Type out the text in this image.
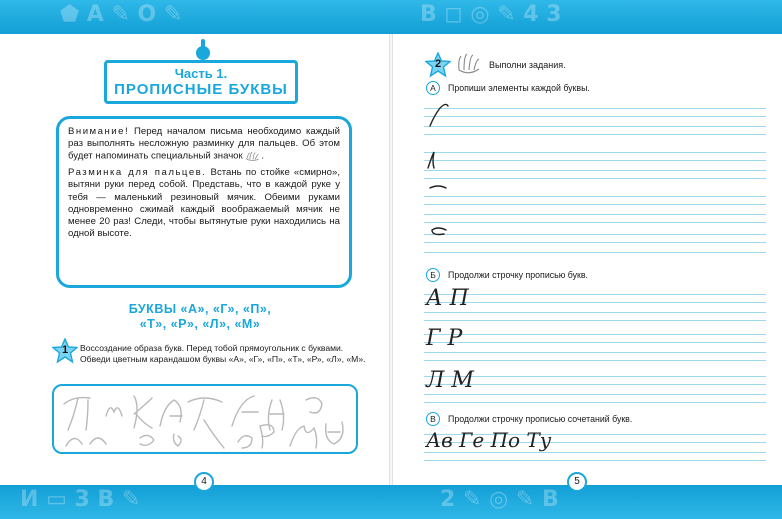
⬟ A ✎ O ✎	B ◻ ◎ ✎ 4 3
И ▭ 3 B ✎	2 ✎ ◎ ✎ B
Часть 1.
ПРОПИСНЫЕ БУКВЫ

Внимание! Перед началом письма необходимо каждый раз выполнять несложную разминку для пальцев. Об этом будет напоминать специальный значок .

Разминка для пальцев. Встань по стойке «смирно», вытяни руки перед собой. Представь, что в каждой руке у тебя — маленький резиновый мячик. Обеими руками одновременно сжимай каждый воображаемый мячик не менее 20 раз! Следи, чтобы вытянутые руки находились на одной высоте.

БУКВЫ «А», «Г», «П»,
«Т», «Р», «Л», «М»
1	Воссоздание образа букв. Перед тобой прямоугольник с буквами. Обведи цветным карандашом буквы «А», «Г», «П», «Т», «Р», «Л», «М».
4
2	Выполни задания.
А	Пропиши элементы каждой буквы.
Б	Продолжи строчку прописью букв.
А П
Г Р
Л М
В	Продолжи строчку прописью сочетаний букв.
Ав Ге По Ту
5
